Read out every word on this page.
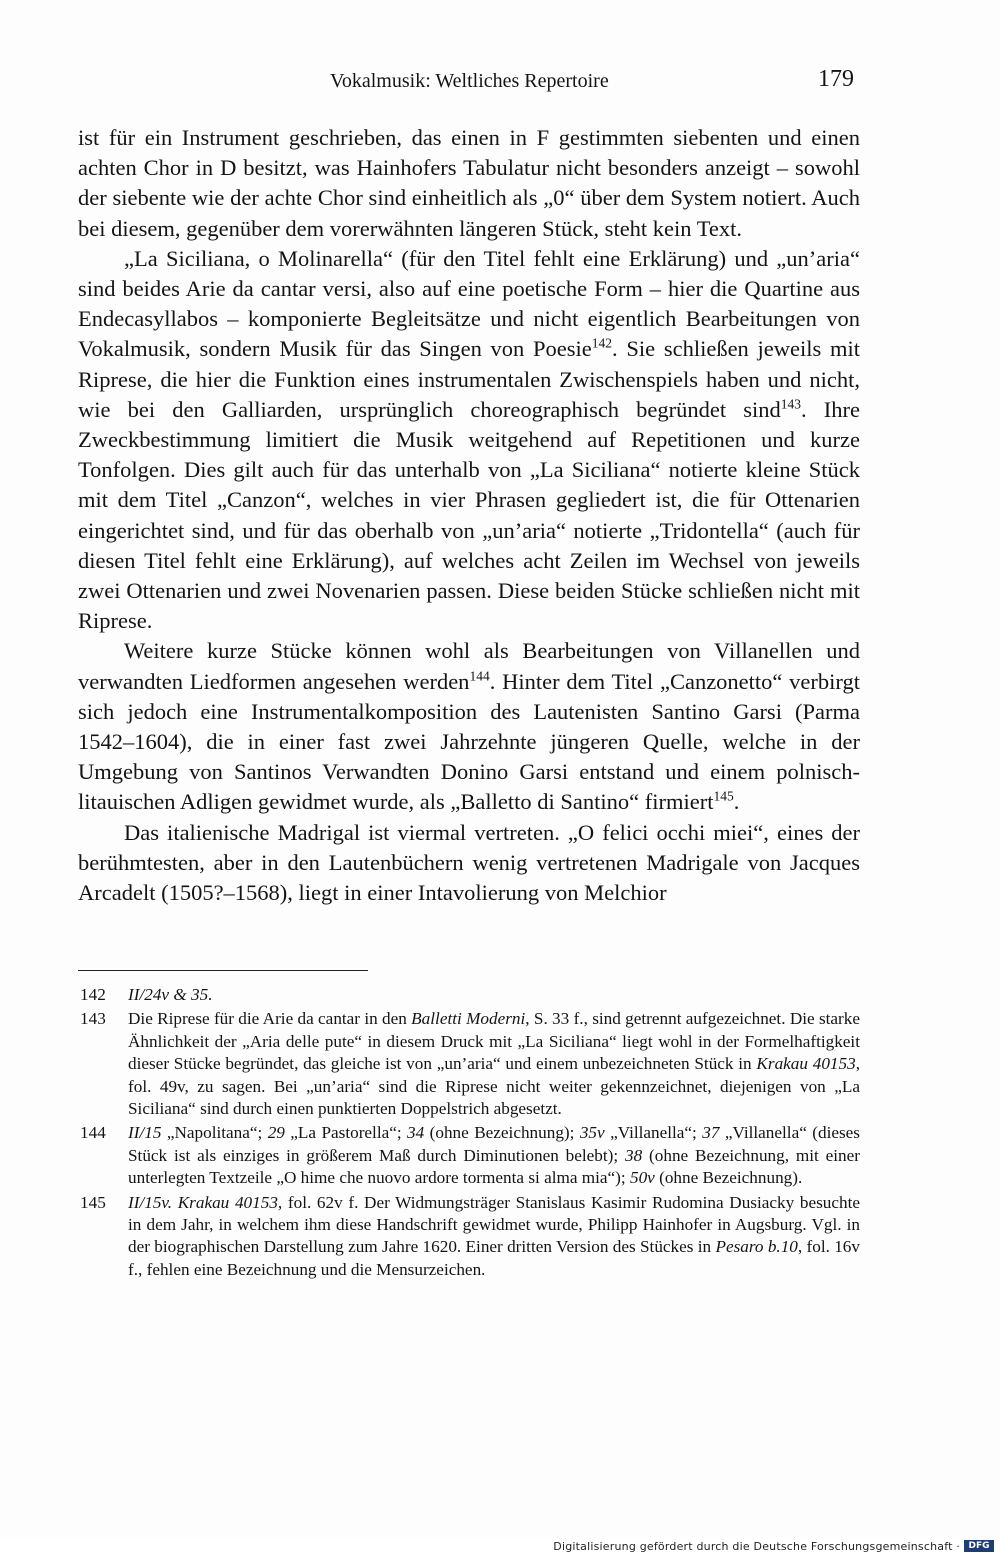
Vokalmusik: Weltliches Repertoire	179

ist für ein Instrument geschrieben, das einen in F gestimmten siebenten und einen achten Chor in D besitzt, was Hainhofers Tabulatur nicht besonders anzeigt – sowohl der siebente wie der achte Chor sind einheitlich als „0“ über dem System notiert. Auch bei diesem, gegenüber dem vorerwähnten längeren Stück, steht kein Text.

„La Siciliana, o Molinarella“ (für den Titel fehlt eine Erklärung) und „un’aria“ sind beides Arie da cantar versi, also auf eine poetische Form – hier die Quartine aus Endecasyllabos – komponierte Begleitsätze und nicht eigentlich Bearbeitungen von Vokalmusik, sondern Musik für das Singen von Poesie$^{142}$. Sie schließen jeweils mit Riprese, die hier die Funktion eines instrumentalen Zwischenspiels haben und nicht, wie bei den Galliarden, ursprünglich choreographisch begründet sind$^{143}$. Ihre Zweckbestimmung limitiert die Musik weitgehend auf Repetitionen und kurze Tonfolgen. Dies gilt auch für das unterhalb von „La Siciliana“ notierte kleine Stück mit dem Titel „Canzon“, welches in vier Phrasen gegliedert ist, die für Ottenarien eingerichtet sind, und für das oberhalb von „un’aria“ notierte „Tridontella“ (auch für diesen Titel fehlt eine Erklärung), auf welches acht Zeilen im Wechsel von jeweils zwei Ottenarien und zwei Novenarien passen. Diese beiden Stücke schließen nicht mit Riprese.

Weitere kurze Stücke können wohl als Bearbeitungen von Villanellen und verwandten Liedformen angesehen werden$^{144}$. Hinter dem Titel „Canzonetto“ verbirgt sich jedoch eine Instrumentalkomposition des Lautenisten Santino Garsi (Parma 1542–1604), die in einer fast zwei Jahrzehnte jüngeren Quelle, welche in der Umgebung von Santinos Verwandten Donino Garsi entstand und einem polnisch-litauischen Adligen gewidmet wurde, als „Balletto di Santino“ firmiert$^{145}$.

Das italienische Madrigal ist viermal vertreten. „O felici occhi miei“, eines der berühmtesten, aber in den Lautenbüchern wenig vertretenen Madrigale von Jacques Arcadelt (1505?–1568), liegt in einer Intavolierung von Melchior

142 II/24v & 35.
143 Die Riprese für die Arie da cantar in den Balletti Moderni, S. 33 f., sind getrennt aufgezeichnet. Die starke Ähnlichkeit der „Aria delle pute“ in diesem Druck mit „La Siciliana“ liegt wohl in der Formelhaftigkeit dieser Stücke begründet, das gleiche ist von „un’aria“ und einem unbezeichneten Stück in Krakau 40153, fol. 49v, zu sagen. Bei „un’aria“ sind die Riprese nicht weiter gekennzeichnet, diejenigen von „La Siciliana“ sind durch einen punktierten Doppelstrich abgesetzt.
144 II/15 „Napolitana“; 29 „La Pastorella“; 34 (ohne Bezeichnung); 35v „Villanella“; 37 „Villanella“ (dieses Stück ist als einziges in größerem Maß durch Diminutionen belebt); 38 (ohne Bezeichnung, mit einer unterlegten Textzeile „O hime che nuovo ardore tormenta si alma mia“); 50v (ohne Bezeichnung).
145 II/15v. Krakau 40153, fol. 62v f. Der Widmungsträger Stanislaus Kasimir Rudomina Dusiacky besuchte in dem Jahr, in welchem ihm diese Handschrift gewidmet wurde, Philipp Hainhofer in Augsburg. Vgl. in der biographischen Darstellung zum Jahre 1620. Einer dritten Version des Stückes in Pesaro b.10, fol. 16v f., fehlen eine Bezeichnung und die Mensurzeichen.
Digitalisierung gefördert durch die Deutsche Forschungsgemeinschaft · DFG
